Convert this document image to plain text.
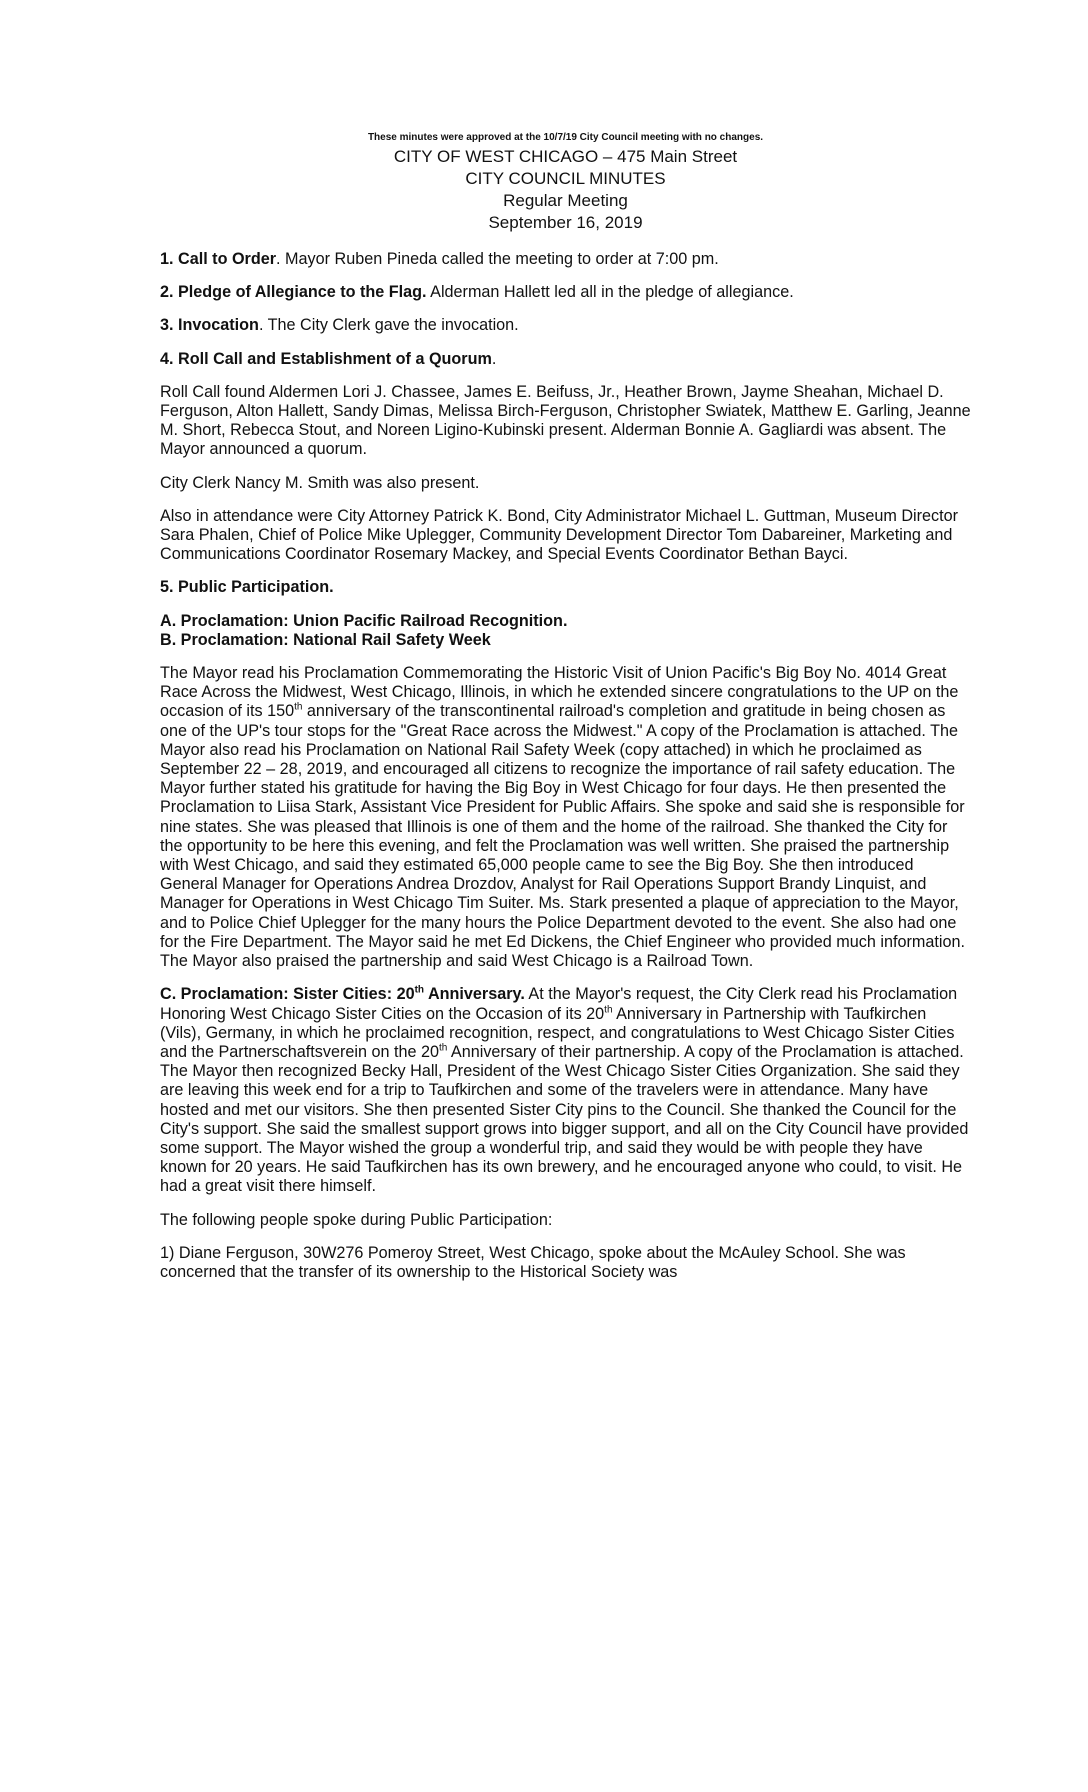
These minutes were approved at the 10/7/19 City Council meeting with no changes.
CITY OF WEST CHICAGO – 475 Main Street
CITY COUNCIL MINUTES
Regular Meeting
September 16, 2019
1. Call to Order. Mayor Ruben Pineda called the meeting to order at 7:00 pm.
2. Pledge of Allegiance to the Flag. Alderman Hallett led all in the pledge of allegiance.
3. Invocation. The City Clerk gave the invocation.
4. Roll Call and Establishment of a Quorum.

Roll Call found Aldermen Lori J. Chassee, James E. Beifuss, Jr., Heather Brown, Jayme Sheahan, Michael D. Ferguson, Alton Hallett, Sandy Dimas, Melissa Birch-Ferguson, Christopher Swiatek, Matthew E. Garling, Jeanne M. Short, Rebecca Stout, and Noreen Ligino-Kubinski present. Alderman Bonnie A. Gagliardi was absent. The Mayor announced a quorum.

City Clerk Nancy M. Smith was also present.

Also in attendance were City Attorney Patrick K. Bond, City Administrator Michael L. Guttman, Museum Director Sara Phalen, Chief of Police Mike Uplegger, Community Development Director Tom Dabareiner, Marketing and Communications Coordinator Rosemary Mackey, and Special Events Coordinator Bethan Bayci.

5. Public Participation.
A. Proclamation: Union Pacific Railroad Recognition.
B. Proclamation: National Rail Safety Week

The Mayor read his Proclamation Commemorating the Historic Visit of Union Pacific's Big Boy No. 4014 Great Race Across the Midwest, West Chicago, Illinois, in which he extended sincere congratulations to the UP on the occasion of its 150th anniversary of the transcontinental railroad's completion and gratitude in being chosen as one of the UP's tour stops for the "Great Race across the Midwest." A copy of the Proclamation is attached. The Mayor also read his Proclamation on National Rail Safety Week (copy attached) in which he proclaimed as September 22 – 28, 2019, and encouraged all citizens to recognize the importance of rail safety education. The Mayor further stated his gratitude for having the Big Boy in West Chicago for four days. He then presented the Proclamation to Liisa Stark, Assistant Vice President for Public Affairs. She spoke and said she is responsible for nine states. She was pleased that Illinois is one of them and the home of the railroad. She thanked the City for the opportunity to be here this evening, and felt the Proclamation was well written. She praised the partnership with West Chicago, and said they estimated 65,000 people came to see the Big Boy. She then introduced General Manager for Operations Andrea Drozdov, Analyst for Rail Operations Support Brandy Linquist, and Manager for Operations in West Chicago Tim Suiter. Ms. Stark presented a plaque of appreciation to the Mayor, and to Police Chief Uplegger for the many hours the Police Department devoted to the event. She also had one for the Fire Department. The Mayor said he met Ed Dickens, the Chief Engineer who provided much information. The Mayor also praised the partnership and said West Chicago is a Railroad Town.

C. Proclamation: Sister Cities: 20th Anniversary. At the Mayor's request, the City Clerk read his Proclamation Honoring West Chicago Sister Cities on the Occasion of its 20th Anniversary in Partnership with Taufkirchen (Vils), Germany, in which he proclaimed recognition, respect, and congratulations to West Chicago Sister Cities and the Partnerschaftsverein on the 20th Anniversary of their partnership. A copy of the Proclamation is attached. The Mayor then recognized Becky Hall, President of the West Chicago Sister Cities Organization. She said they are leaving this week end for a trip to Taufkirchen and some of the travelers were in attendance. Many have hosted and met our visitors. She then presented Sister City pins to the Council. She thanked the Council for the City's support. She said the smallest support grows into bigger support, and all on the City Council have provided some support. The Mayor wished the group a wonderful trip, and said they would be with people they have known for 20 years. He said Taufkirchen has its own brewery, and he encouraged anyone who could, to visit. He had a great visit there himself.

The following people spoke during Public Participation:

1) Diane Ferguson, 30W276 Pomeroy Street, West Chicago, spoke about the McAuley School. She was concerned that the transfer of its ownership to the Historical Society was
